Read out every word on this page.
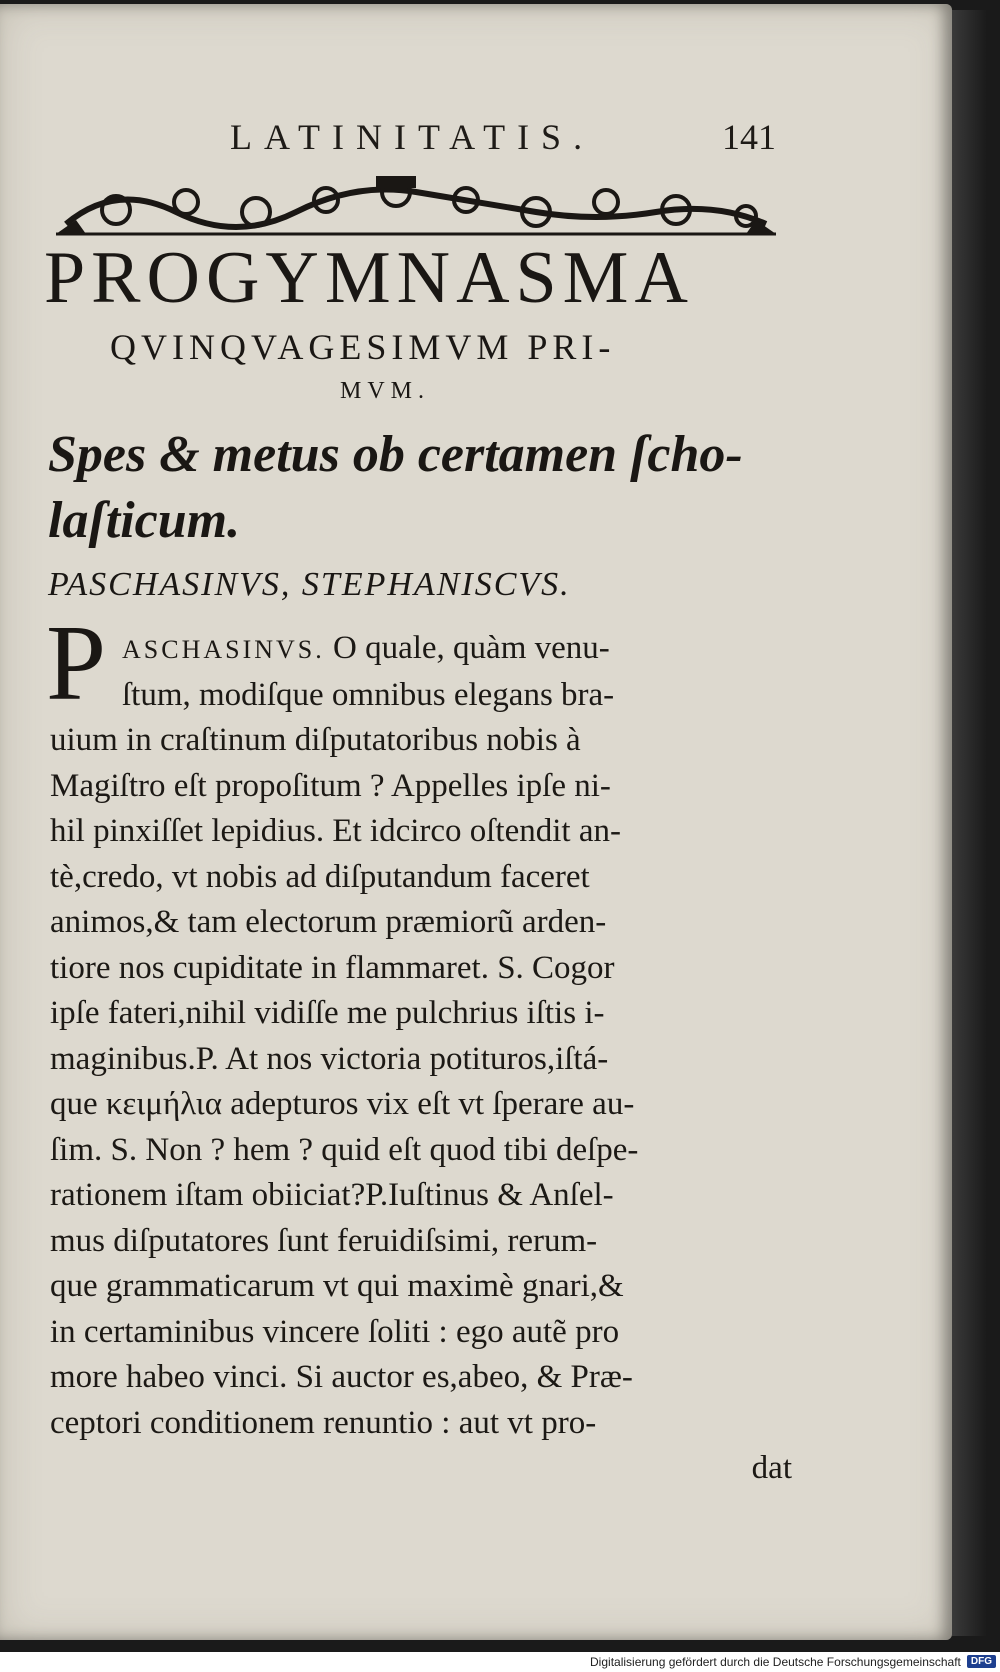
LATINITATIS.	141
PROGYMNASMA
QVINQVAGESIMVM PRI-
MVM.
Spes & metus ob certamen ſcho-
laſticum.
PASCHASINVS, STEPHANISCVS.
P ASCHASINVS. O quale, quàm venu-
ſtum, modiſque omnibus elegans bra-
uium in craſtinum diſputatoribus nobis à
Magiſtro eſt propoſitum ? Appelles ipſe ni-
hil pinxiſſet lepidius. Et idcirco oſtendit an-
tè,credo, vt nobis ad diſputandum faceret
animos,& tam electorum præmiorũ arden-
tiore nos cupiditate in flammaret. S. Cogor
ipſe fateri,nihil vidiſſe me pulchrius iſtis i-
maginibus.P. At nos victoria potituros,iſtá-
que κειμήλια adepturos vix eſt vt ſperare au-
ſim. S. Non ? hem ? quid eſt quod tibi deſpe-
rationem iſtam obiiciat?P.Iuſtinus & Anſel-
mus diſputatores ſunt feruidiſsimi, rerum-
que grammaticarum vt qui maximè gnari,&
in certaminibus vincere ſoliti : ego autẽ pro
more habeo vinci. Si auctor es,abeo, & Præ-
ceptori conditionem renuntio : aut vt pro-
dat
Digitalisierung gefördert durch die Deutsche Forschungsgemeinschaft DFG
